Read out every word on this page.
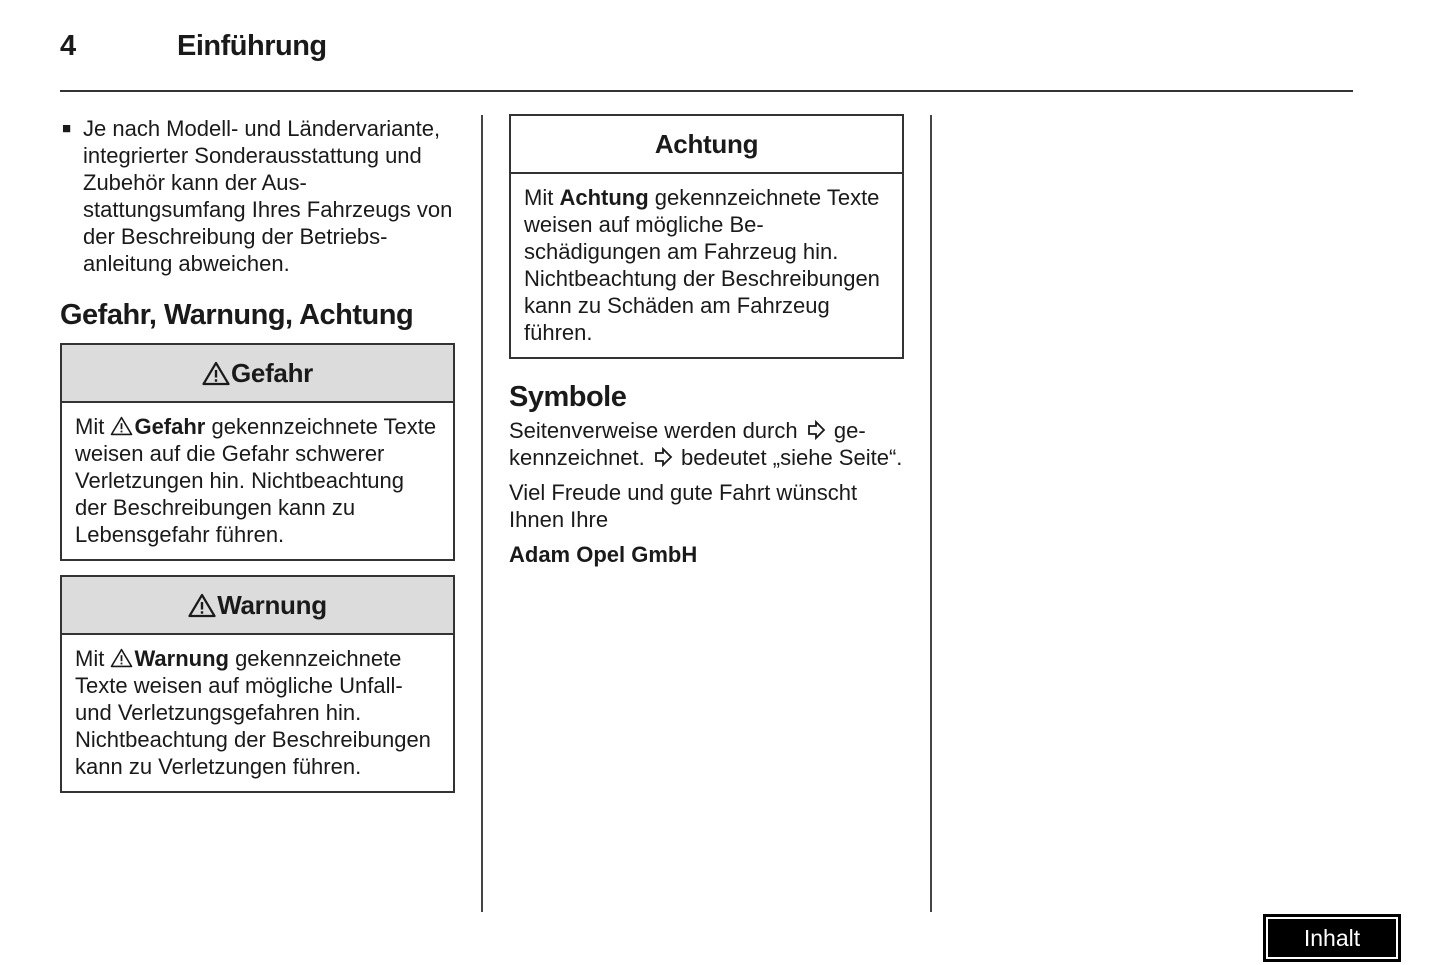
4	Einführung
■ Je nach Modell- und Ländervariante, integrierter Sonderausstattung und Zubehör kann der Ausstattungsumfang Ihres Fahrzeugs von der Beschreibung der Betriebsanleitung abweichen.
Gefahr, Warnung, Achtung
Gefahr
Mit Gefahr gekennzeichnete Texte weisen auf die Gefahr schwerer Verletzungen hin. Nichtbeachtung der Beschreibungen kann zu Lebensgefahr führen.
Warnung
Mit Warnung gekennzeichnete Texte weisen auf mögliche Unfall- und Verletzungsgefahren hin. Nichtbeachtung der Beschreibungen kann zu Verletzungen führen.
Achtung
Mit Achtung gekennzeichnete Texte weisen auf mögliche Beschädigungen am Fahrzeug hin. Nichtbeachtung der Beschreibungen kann zu Schäden am Fahrzeug führen.
Symbole
Seitenverweise werden durch gekennzeichnet. bedeutet „siehe Seite“.
Viel Freude und gute Fahrt wünscht Ihnen Ihre
Adam Opel GmbH
Inhalt
